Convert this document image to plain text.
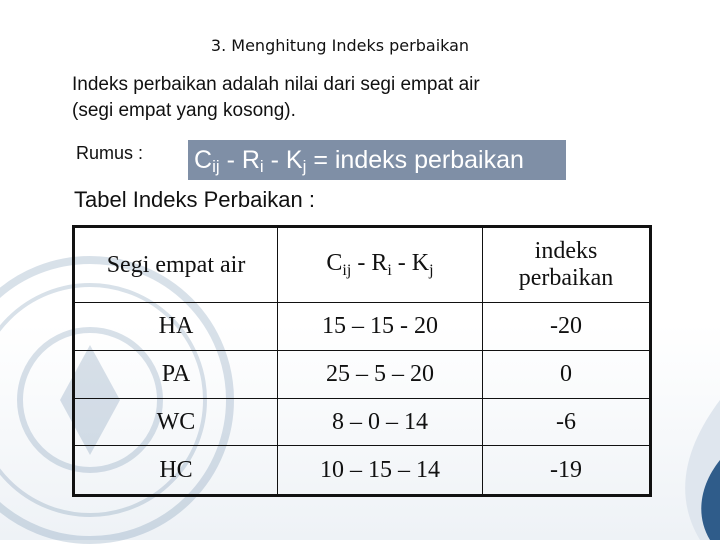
3. Menghitung Indeks perbaikan
Indeks perbaikan adalah nilai dari segi empat air
(segi empat yang kosong).
Rumus : $C_{ij} - R_i - K_j$ = indeks perbaikan
Tabel Indeks Perbaikan :
Segi empat air	$C_{ij} - R_i - K_j$	indeks
perbaikan

HA	15 – 15 - 20	-20
PA	25 – 5 – 20	0
WC	8 – 0 – 14	-6
HC	10 – 15 – 14	-19
